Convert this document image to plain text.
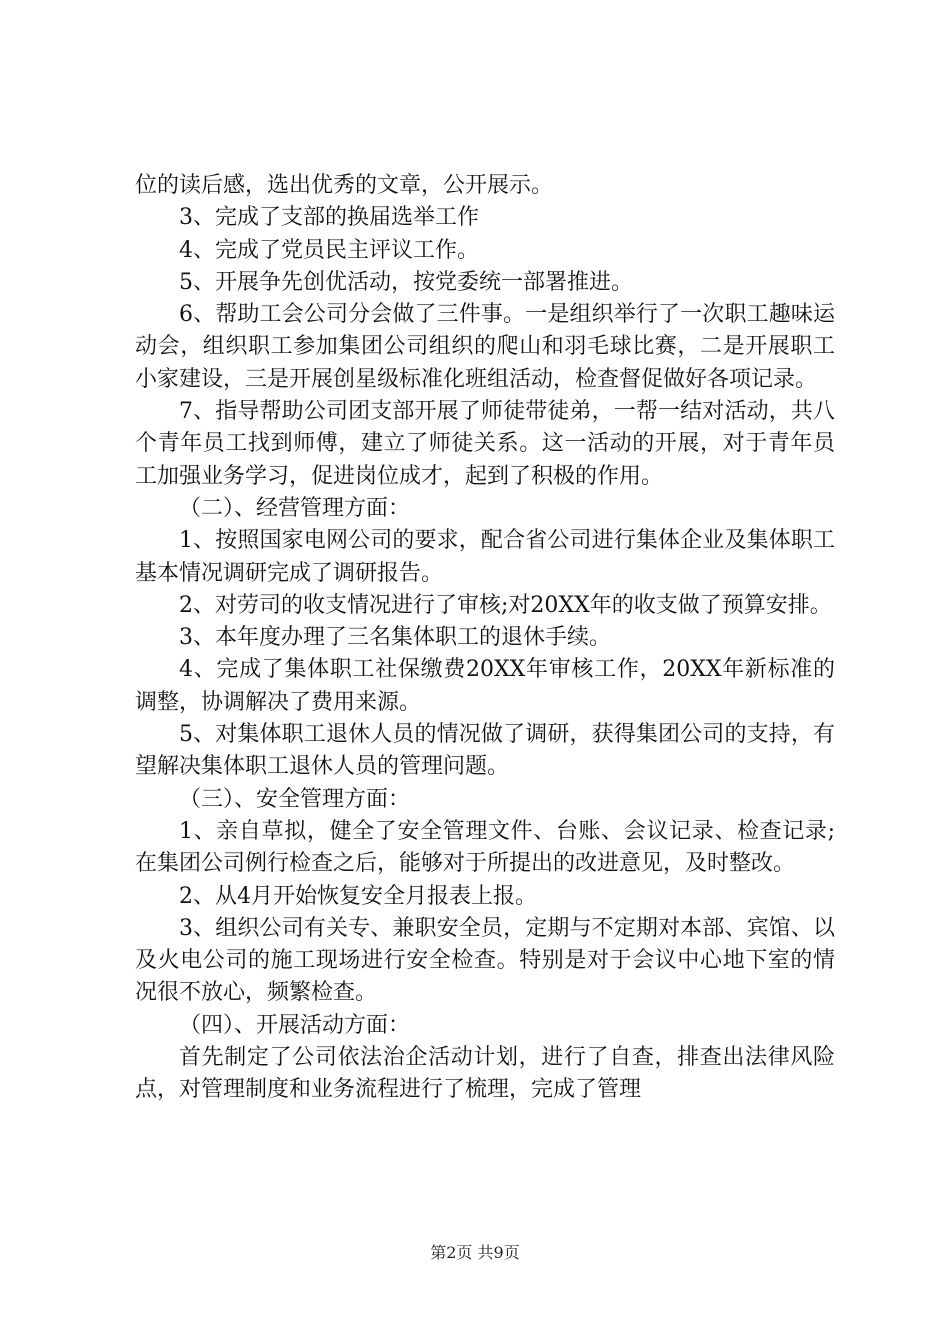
位的读后感，选出优秀的文章，公开展示。

3、完成了支部的换届选举工作

4、完成了党员民主评议工作。

5、开展争先创优活动，按党委统一部署推进。

6、帮助工会公司分会做了三件事。一是组织举行了一次职工趣味运动会，组织职工参加集团公司组织的爬山和羽毛球比赛，二是开展职工小家建设，三是开展创星级标准化班组活动，检查督促做好各项记录。

7、指导帮助公司团支部开展了师徒带徒弟，一帮一结对活动，共八个青年员工找到师傅，建立了师徒关系。这一活动的开展，对于青年员工加强业务学习，促进岗位成才，起到了积极的作用。

（二）、经营管理方面：

1、按照国家电网公司的要求，配合省公司进行集体企业及集体职工基本情况调研完成了调研报告。

2、对劳司的收支情况进行了审核;对20XX年的收支做了预算安排。

3、本年度办理了三名集体职工的退休手续。

4、完成了集体职工社保缴费20XX年审核工作，20XX年新标准的调整，协调解决了费用来源。

5、对集体职工退休人员的情况做了调研，获得集团公司的支持，有望解决集体职工退休人员的管理问题。

（三）、安全管理方面：

1、亲自草拟，健全了安全管理文件、台账、会议记录、检查记录;在集团公司例行检查之后，能够对于所提出的改进意见，及时整改。

2、从4月开始恢复安全月报表上报。

3、组织公司有关专、兼职安全员，定期与不定期对本部、宾馆、以及火电公司的施工现场进行安全检查。特别是对于会议中心地下室的情况很不放心，频繁检查。

（四）、开展活动方面：

首先制定了公司依法治企活动计划，进行了自查，排查出法律风险点，对管理制度和业务流程进行了梳理，完成了管理

第2页 共9页
